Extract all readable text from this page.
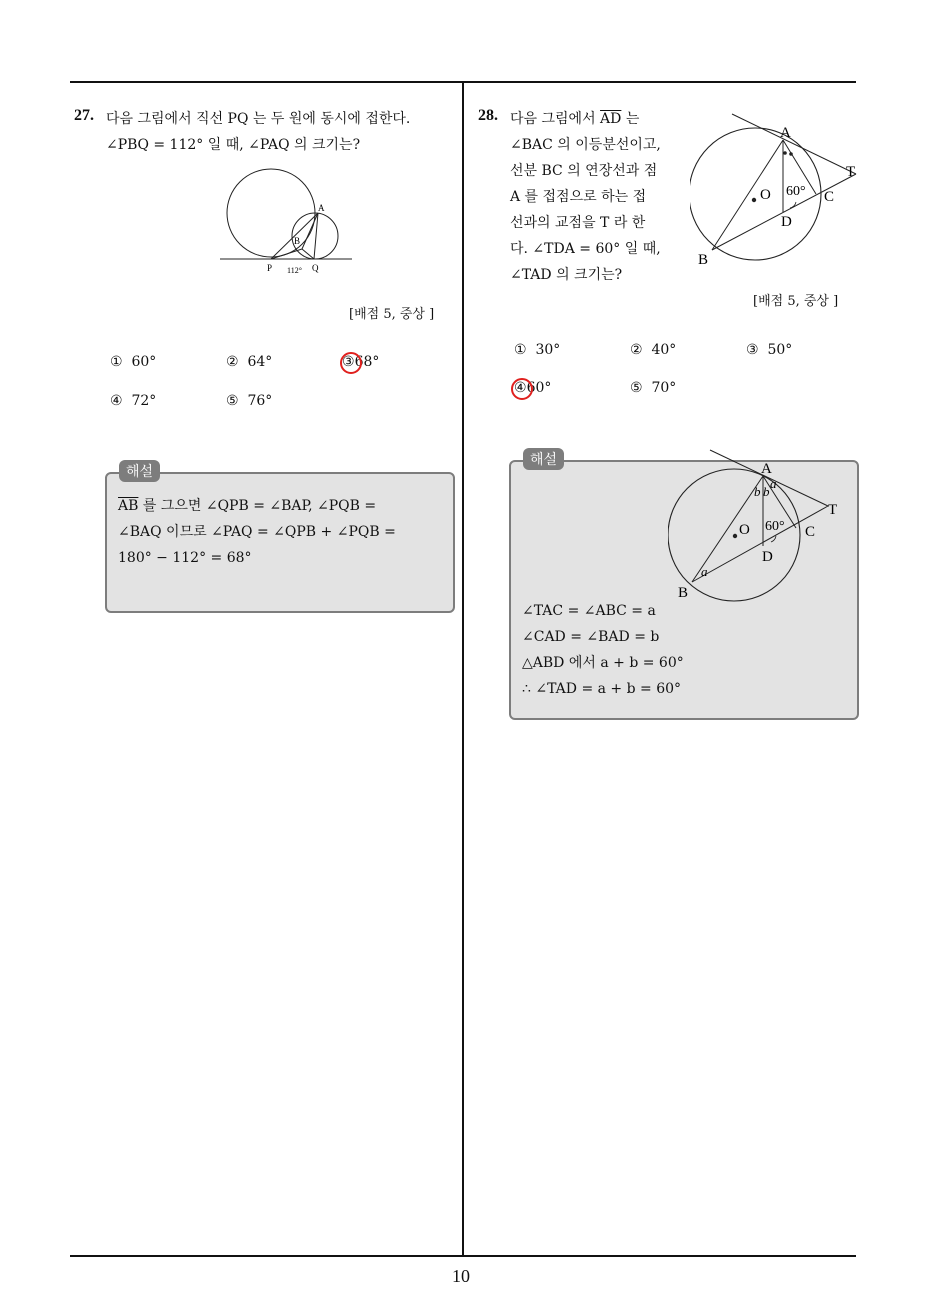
10
27. 다음 그림에서 직선 PQ 는 두 원에 동시에 접한다.
∠PBQ = 112° 일 때, ∠PAQ 의 크기는?
A
B
P	Q
112°
[배점 5, 중상 ]
① 60°	② 64°	③68°
④ 72°	⑤ 76°
해설
$\overline{AB}$ 를 그으면 ∠QPB = ∠BAP, ∠PQB =
∠BAQ 이므로 ∠PAQ = ∠QPB + ∠PQB =
180° − 112° = 68°
28. 다음 그림에서 $\overline{AD}$ 는
∠BAC 의 이등분선이고,
선분 BC 의 연장선과 점
A 를 접점으로 하는 접
선과의 교점을 T 라 한
다. ∠TDA = 60° 일 때,
∠TAD 의 크기는?
A
T
O 60° C
D
B
[배점 5, 중상 ]
① 30°	② 40°	③ 50°
④60°	⑤ 70°
해설
A
a
b b
T
O 60° C
D
a
B
∠TAC = ∠ABC = a
∠CAD = ∠BAD = b
△ABD 에서 a + b = 60°
∴ ∠TAD = a + b = 60°
